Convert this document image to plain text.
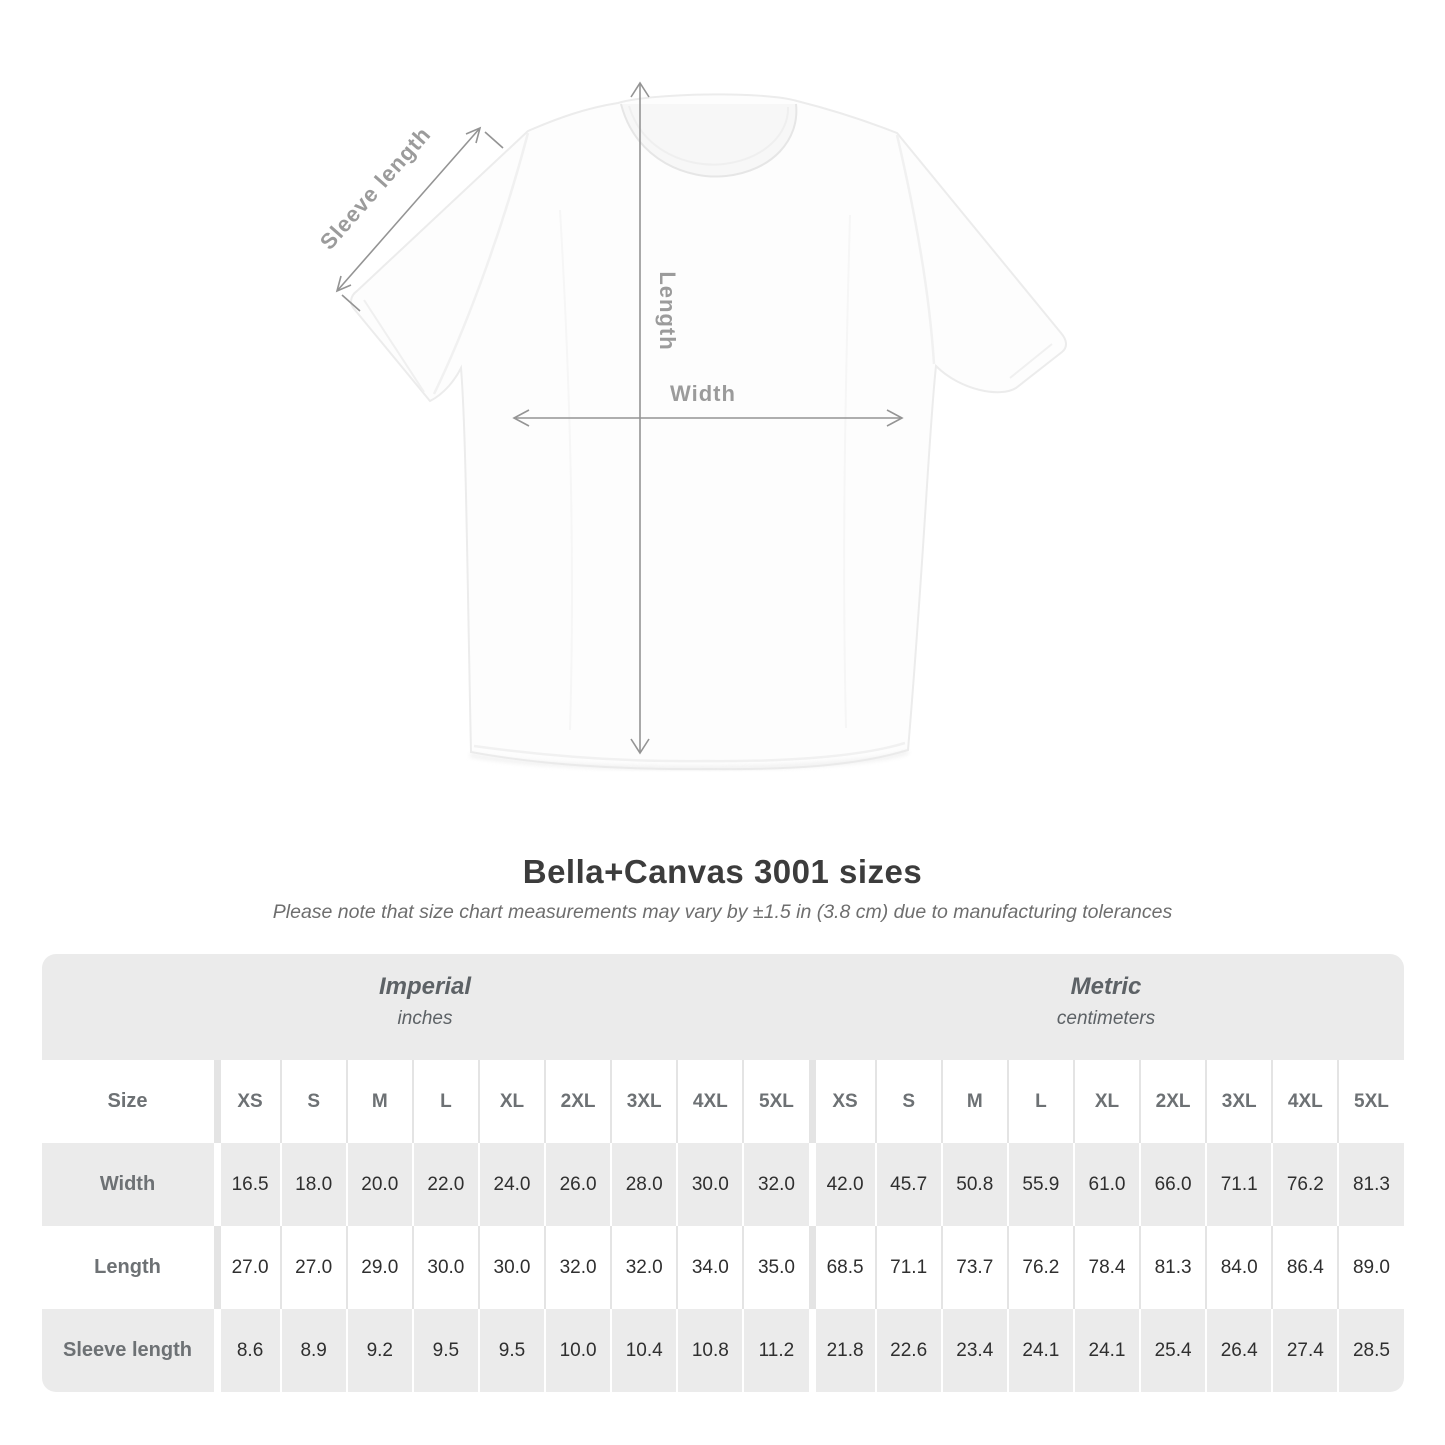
Length
Width
Sleeve length
Bella+Canvas 3001 sizes

Please note that size chart measurements may vary by ±1.5 in (3.8 cm) due to manufacturing tolerances

Imperial
inches
Metric
centimeters
Size	XS	S	M	L	XL	2XL	3XL	4XL	5XL	XS	S	M	L	XL	2XL	3XL	4XL	5XL
Width	16.5	18.0	20.0	22.0	24.0	26.0	28.0	30.0	32.0	42.0	45.7	50.8	55.9	61.0	66.0	71.1	76.2	81.3
Length	27.0	27.0	29.0	30.0	30.0	32.0	32.0	34.0	35.0	68.5	71.1	73.7	76.2	78.4	81.3	84.0	86.4	89.0
Sleeve length	8.6	8.9	9.2	9.5	9.5	10.0	10.4	10.8	11.2	21.8	22.6	23.4	24.1	24.1	25.4	26.4	27.4	28.5
